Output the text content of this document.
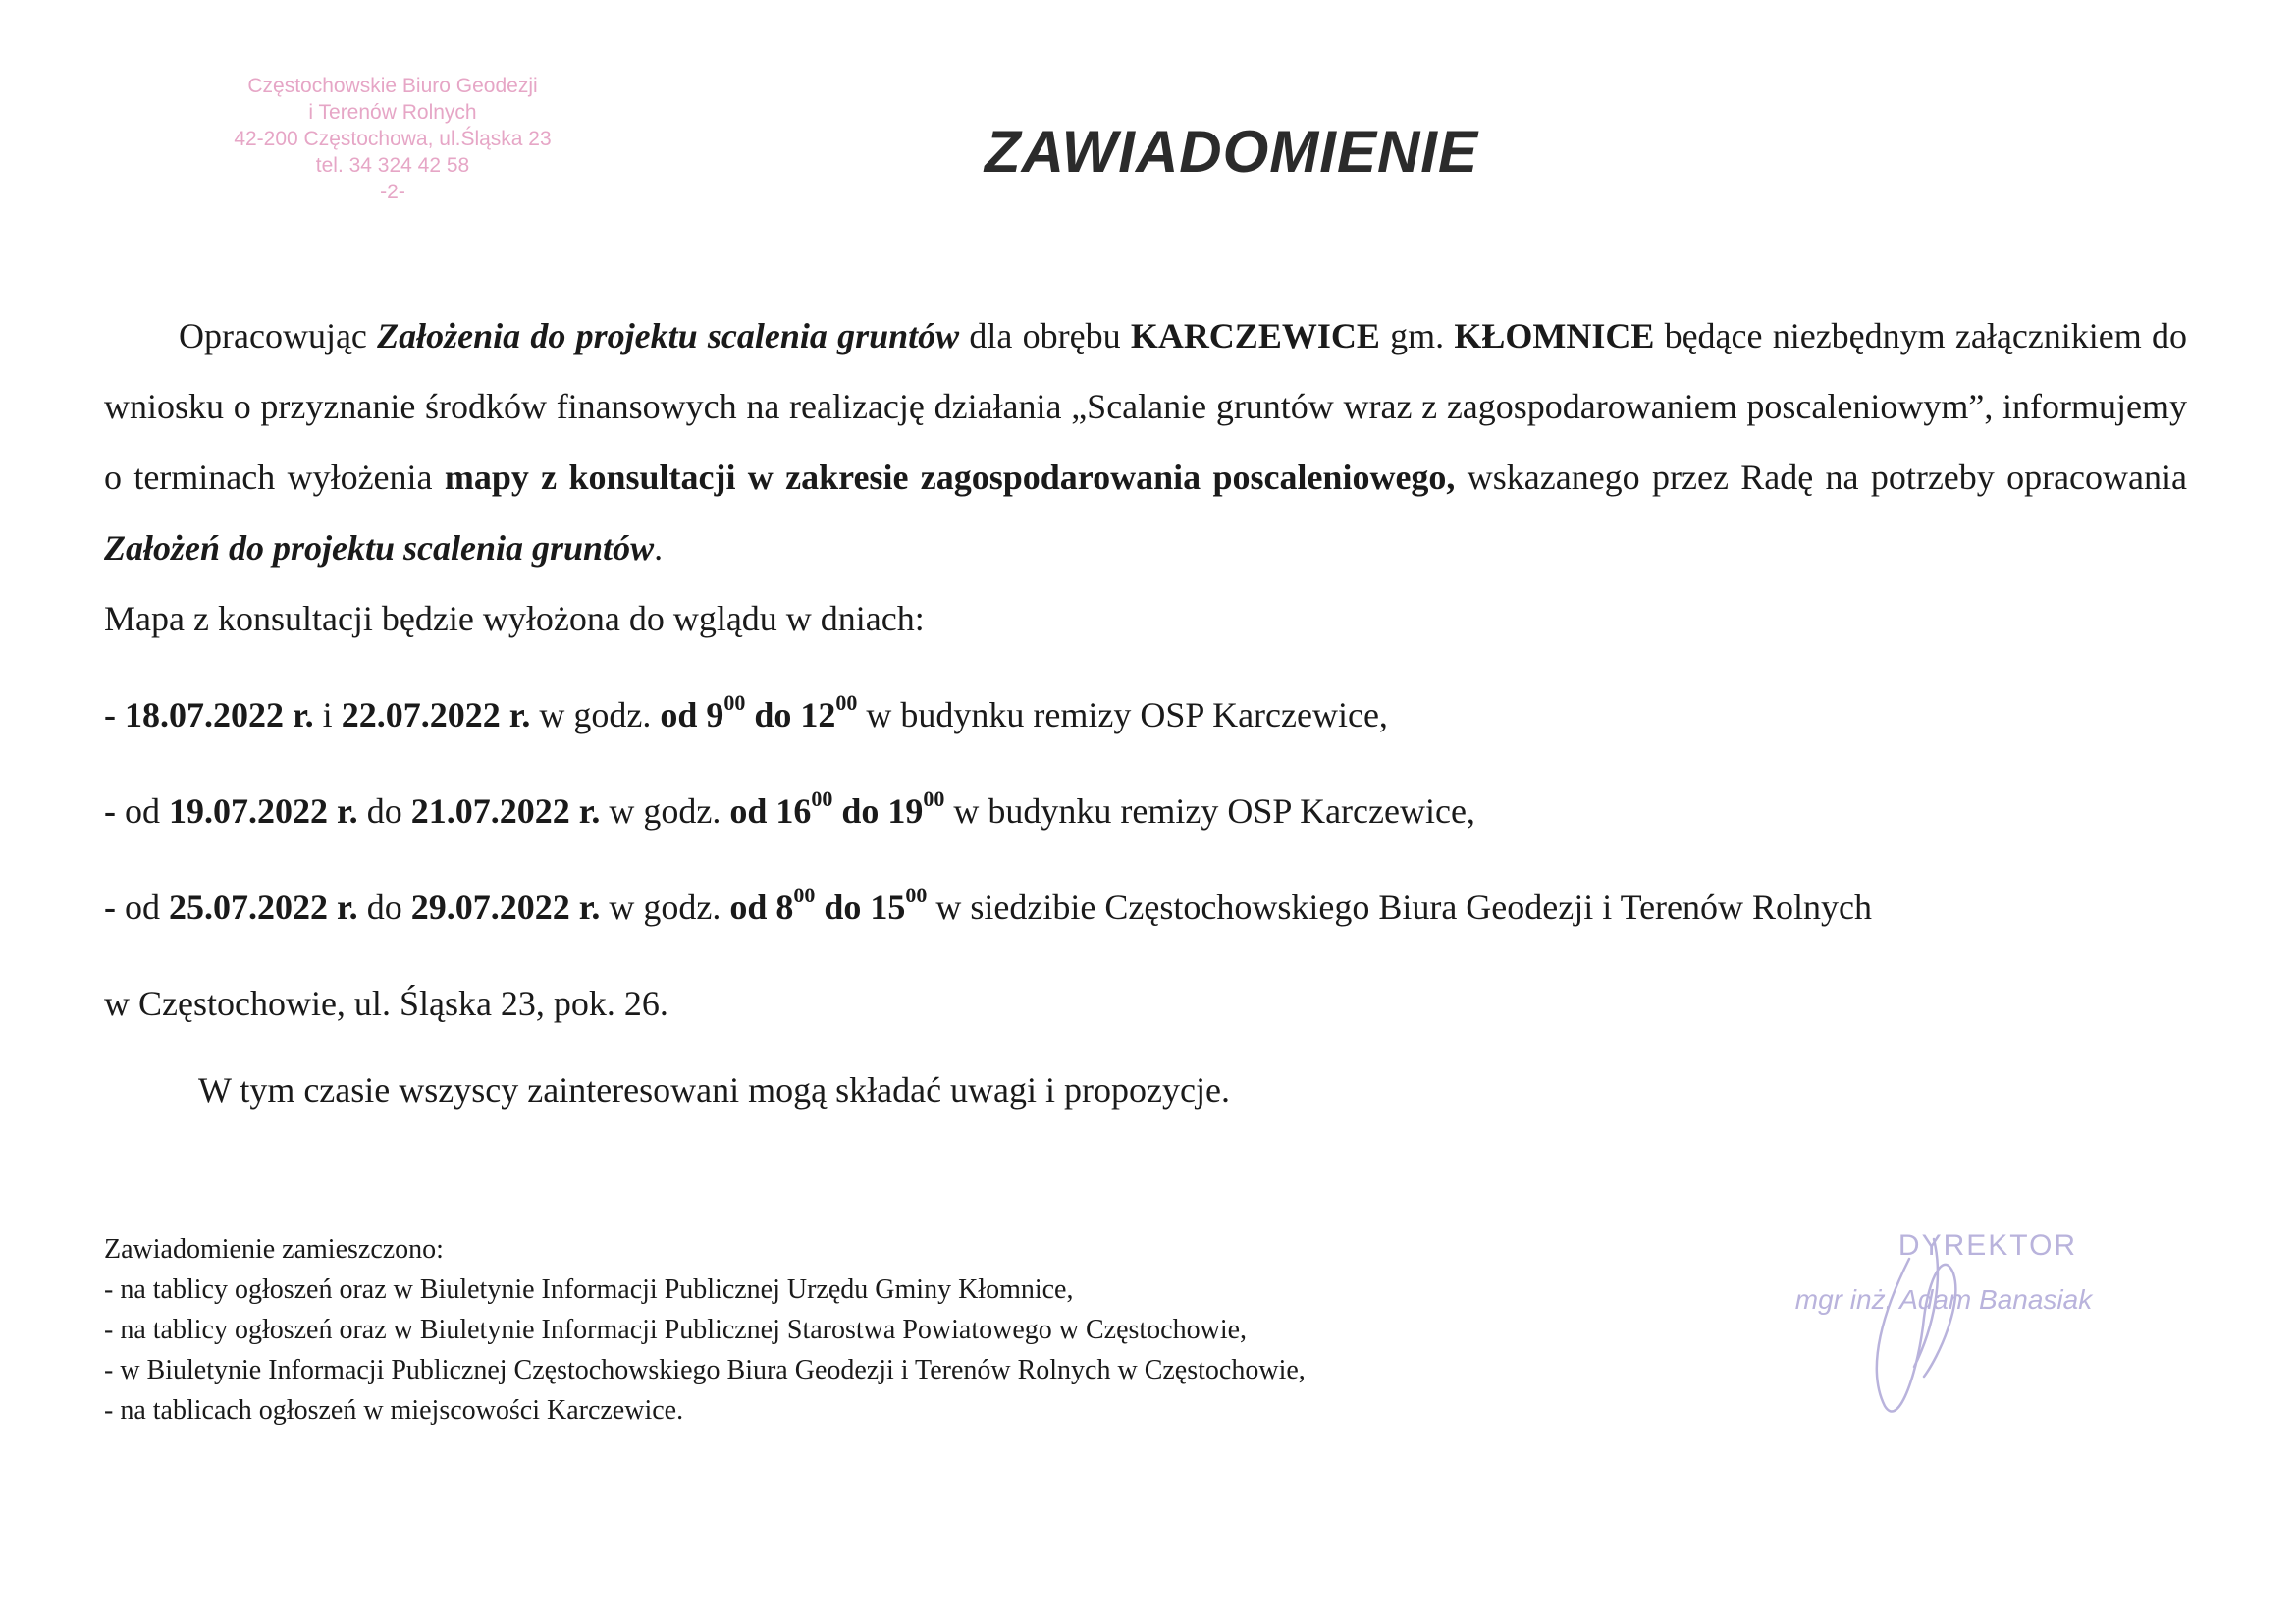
Częstochowskie Biuro Geodezji
i Terenów Rolnych
42-200 Częstochowa, ul.Śląska 23
tel. 34 324 42 58
-2-
ZAWIADOMIENIE

Opracowując Założenia do projektu scalenia gruntów dla obrębu KARCZEWICE gm. KŁOMNICE będące niezbędnym załącznikiem do wniosku o przyznanie środków finansowych na realizację działania „Scalanie gruntów wraz z zagospodarowaniem poscaleniowym”, informujemy o terminach wyłożenia mapy z konsultacji w zakresie zagospodarowania poscaleniowego, wskazanego przez Radę na potrzeby opracowania Założeń do projektu scalenia gruntów.

Mapa z konsultacji będzie wyłożona do wglądu w dniach:

- 18.07.2022 r. i 22.07.2022 r. w godz. od $9^{00}$ do $12^{00}$ w budynku remizy OSP Karczewice,

- od 19.07.2022 r. do 21.07.2022 r. w godz. od $16^{00}$ do $19^{00}$ w budynku remizy OSP Karczewice,

- od 25.07.2022 r. do 29.07.2022 r. w godz. od $8^{00}$ do $15^{00}$ w siedzibie Częstochowskiego Biura Geodezji i Terenów Rolnych

w Częstochowie, ul. Śląska 23, pok. 26.

W tym czasie wszyscy zainteresowani mogą składać uwagi i propozycje.

Zawiadomienie zamieszczono:
- na tablicy ogłoszeń oraz w Biuletynie Informacji Publicznej Urzędu Gminy Kłomnice,
- na tablicy ogłoszeń oraz w Biuletynie Informacji Publicznej Starostwa Powiatowego w Częstochowie,
- w Biuletynie Informacji Publicznej Częstochowskiego Biura Geodezji i Terenów Rolnych w Częstochowie,
- na tablicach ogłoszeń w miejscowości Karczewice.
DYREKTOR
mgr inż. Adam Banasiak
